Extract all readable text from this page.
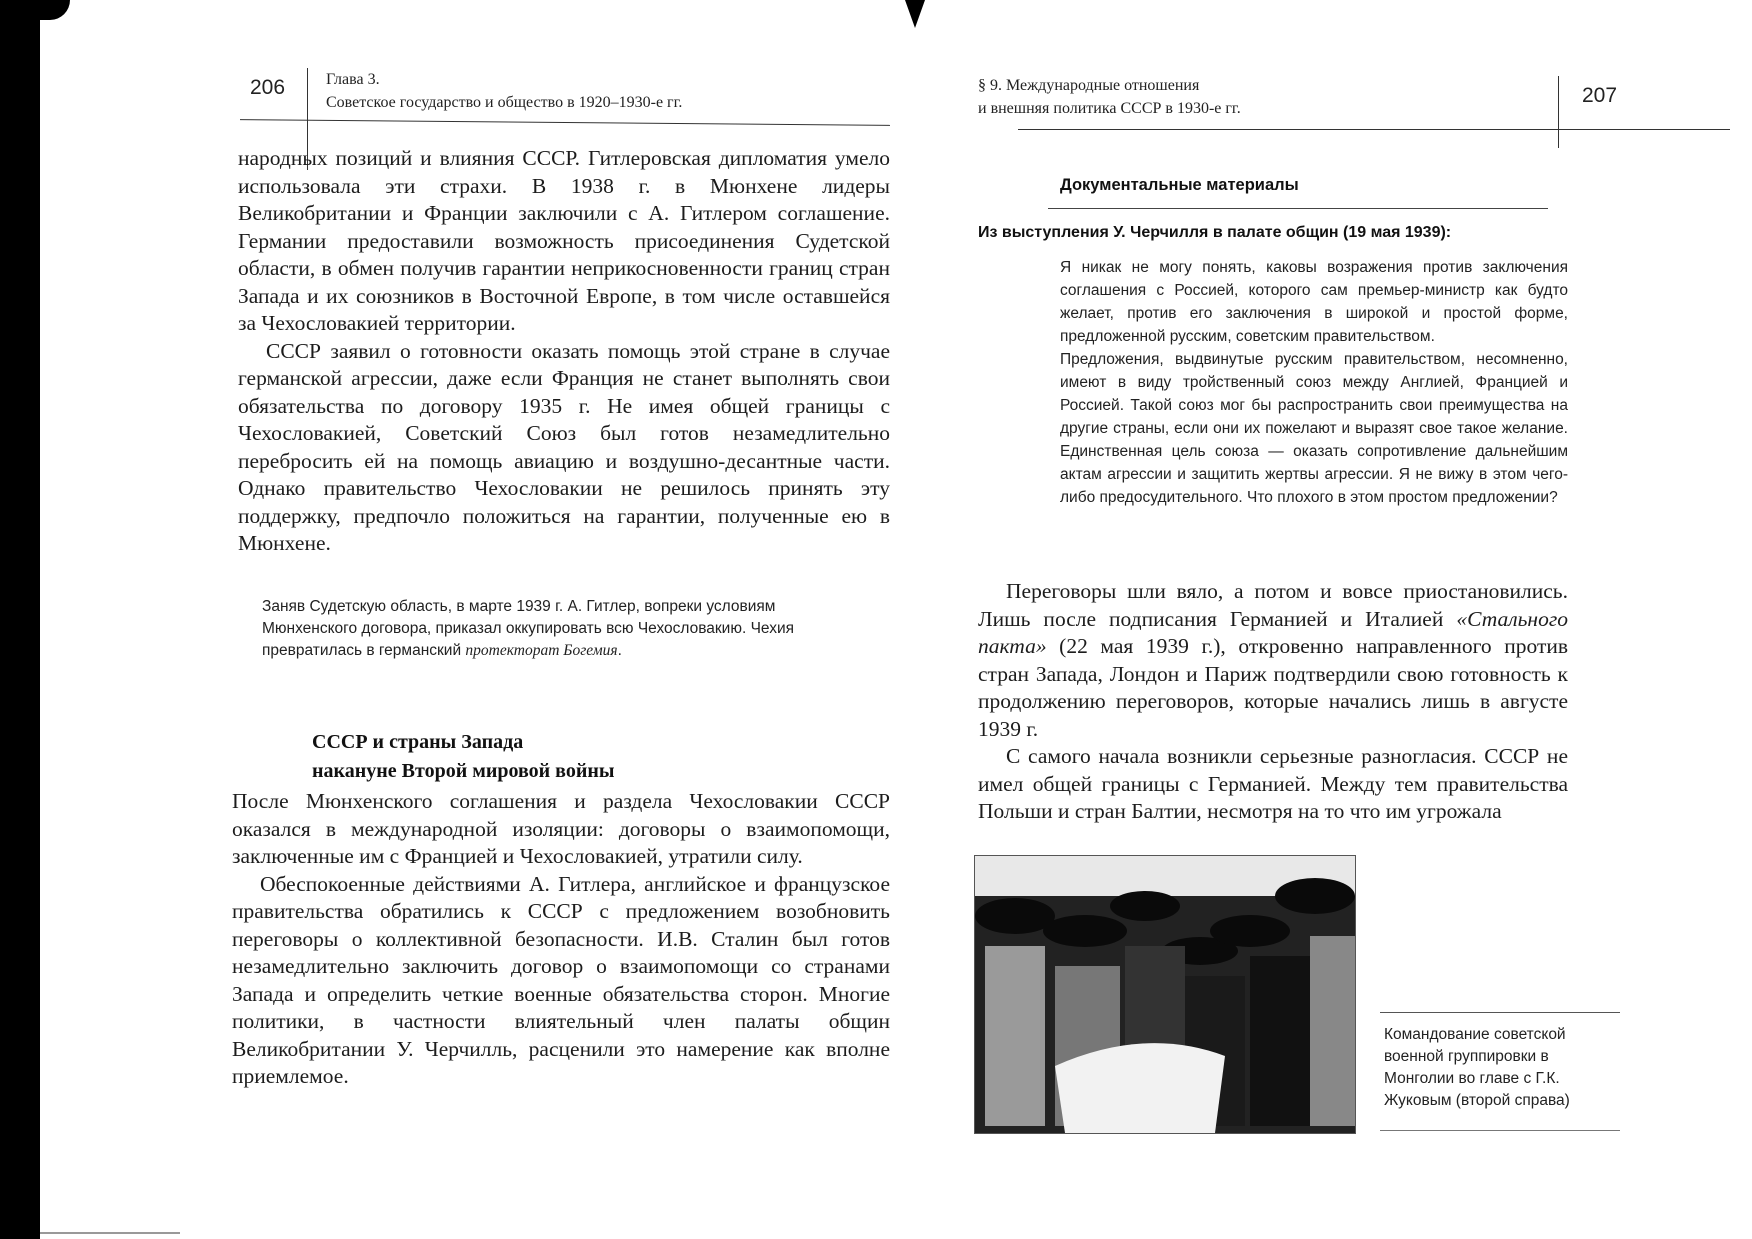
206	Глава 3.
Советское государство и общество в 1920–1930-е гг.

народных позиций и влияния СССР. Гитлеровская дипломатия умело использовала эти страхи. В 1938 г. в Мюнхене лидеры Великобритании и Франции заключили с А. Гитлером соглашение. Германии предоставили возможность присоединения Судетской области, в обмен получив гарантии неприкосновенности границ стран Запада и их союзников в Восточной Европе, в том числе оставшейся за Чехословакией территории.

СССР заявил о готовности оказать помощь этой стране в случае германской агрессии, даже если Франция не станет выполнять свои обязательства по договору 1935 г. Не имея общей границы с Чехословакией, Советский Союз был готов незамедлительно перебросить ей на помощь авиацию и воздушно-десантные части. Однако правительство Чехословакии не решилось принять эту поддержку, предпочло положиться на гарантии, полученные ею в Мюнхене.

Заняв Судетскую область, в марте 1939 г. А. Гитлер, вопреки условиям Мюнхенского договора, приказал оккупировать всю Чехословакию. Чехия превратилась в германский протекторат Богемия.
СССР и страны Запада
накануне Второй мировой войны

После Мюнхенского соглашения и раздела Чехословакии СССР оказался в международной изоляции: договоры о взаимопомощи, заключенные им с Францией и Чехословакией, утратили силу.

Обеспокоенные действиями А. Гитлера, английское и французское правительства обратились к СССР с предложением возобновить переговоры о коллективной безопасности. И.В. Сталин был готов незамедлительно заключить договор о взаимопомощи со странами Запада и определить четкие военные обязательства сторон. Многие политики, в частности влиятельный член палаты общин Великобритании У. Черчилль, расценили это намерение как вполне приемлемое.

§ 9. Международные отношения
и внешняя политика СССР в 1930-е гг.
207
Документальные материалы
Из выступления У. Черчилля в палате общин (19 мая 1939):

Я никак не могу понять, каковы возражения против заключения соглашения с Россией, которого сам премьер-министр как будто желает, против его заключения в широкой и простой форме, предложенной русским, советским правительством.

Предложения, выдвинутые русским правительством, несомненно, имеют в виду тройственный союз между Англией, Францией и Россией. Такой союз мог бы распространить свои преимущества на другие страны, если они их пожелают и выразят свое такое желание. Единственная цель союза — оказать сопротивление дальнейшим актам агрессии и защитить жертвы агрессии. Я не вижу в этом чего-либо предосудительного. Что плохого в этом простом предложении?

Переговоры шли вяло, а потом и вовсе приостановились. Лишь после подписания Германией и Италией «Стального пакта» (22 мая 1939 г.), откровенно направленного против стран Запада, Лондон и Париж подтвердили свою готовность к продолжению переговоров, которые начались лишь в августе 1939 г.

С самого начала возникли серьезные разногласия. СССР не имел общей границы с Германией. Между тем правительства Польши и стран Балтии, несмотря на то что им угрожала

Командование советской военной группировки в Монголии во главе с Г.К. Жуковым (второй справа)
